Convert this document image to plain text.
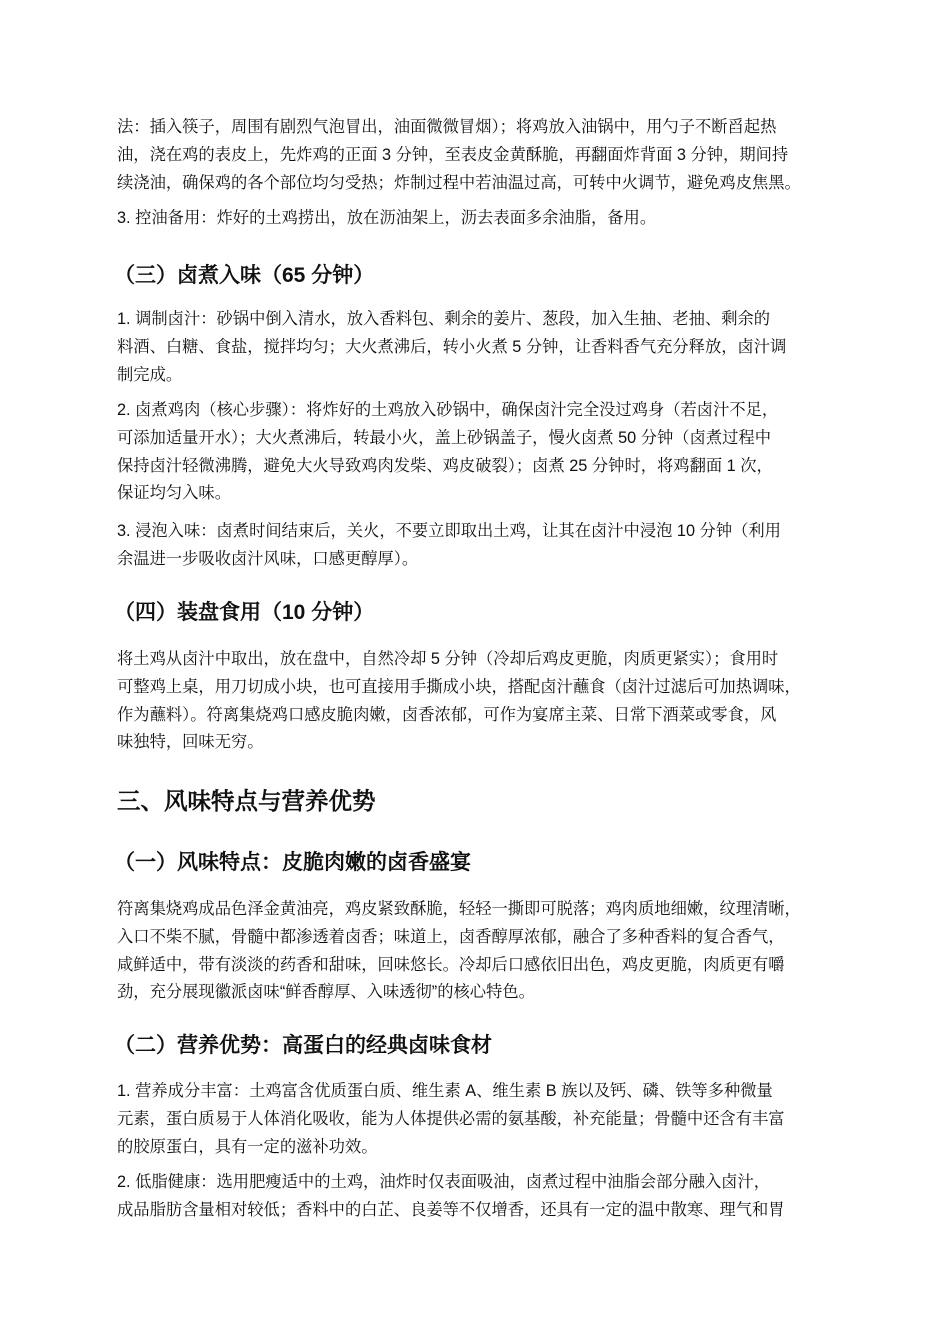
法：插入筷子，周围有剧烈气泡冒出，油面微微冒烟）；将鸡放入油锅中，用勺子不断舀起热
油，浇在鸡的表皮上，先炸鸡的正面 3 分钟，至表皮金黄酥脆，再翻面炸背面 3 分钟，期间持
续浇油，确保鸡的各个部位均匀受热；炸制过程中若油温过高，可转中火调节，避免鸡皮焦黑。
3. 控油备用：炸好的土鸡捞出，放在沥油架上，沥去表面多余油脂，备用。
（三）卤煮入味（65 分钟）
1. 调制卤汁：砂锅中倒入清水，放入香料包、剩余的姜片、葱段，加入生抽、老抽、剩余的
料酒、白糖、食盐，搅拌均匀；大火煮沸后，转小火煮 5 分钟，让香料香气充分释放，卤汁调
制完成。
2. 卤煮鸡肉（核心步骤）：将炸好的土鸡放入砂锅中，确保卤汁完全没过鸡身（若卤汁不足，
可添加适量开水）；大火煮沸后，转最小火，盖上砂锅盖子，慢火卤煮 50 分钟（卤煮过程中
保持卤汁轻微沸腾，避免大火导致鸡肉发柴、鸡皮破裂）；卤煮 25 分钟时，将鸡翻面 1 次，
保证均匀入味。
3. 浸泡入味：卤煮时间结束后，关火，不要立即取出土鸡，让其在卤汁中浸泡 10 分钟（利用
余温进一步吸收卤汁风味，口感更醇厚）。
（四）装盘食用（10 分钟）
将土鸡从卤汁中取出，放在盘中，自然冷却 5 分钟（冷却后鸡皮更脆，肉质更紧实）；食用时
可整鸡上桌，用刀切成小块，也可直接用手撕成小块，搭配卤汁蘸食（卤汁过滤后可加热调味，
作为蘸料）。符离集烧鸡口感皮脆肉嫩，卤香浓郁，可作为宴席主菜、日常下酒菜或零食，风
味独特，回味无穷。
三、风味特点与营养优势
（一）风味特点：皮脆肉嫩的卤香盛宴
符离集烧鸡成品色泽金黄油亮，鸡皮紧致酥脆，轻轻一撕即可脱落；鸡肉质地细嫩，纹理清晰，
入口不柴不腻，骨髓中都渗透着卤香；味道上，卤香醇厚浓郁，融合了多种香料的复合香气，
咸鲜适中，带有淡淡的药香和甜味，回味悠长。冷却后口感依旧出色，鸡皮更脆，肉质更有嚼
劲，充分展现徽派卤味“鲜香醇厚、入味透彻”的核心特色。
（二）营养优势：高蛋白的经典卤味食材
1. 营养成分丰富：土鸡富含优质蛋白质、维生素 A、维生素 B 族以及钙、磷、铁等多种微量
元素，蛋白质易于人体消化吸收，能为人体提供必需的氨基酸，补充能量；骨髓中还含有丰富
的胶原蛋白，具有一定的滋补功效。
2. 低脂健康：选用肥瘦适中的土鸡，油炸时仅表面吸油，卤煮过程中油脂会部分融入卤汁，
成品脂肪含量相对较低；香料中的白芷、良姜等不仅增香，还具有一定的温中散寒、理气和胃
